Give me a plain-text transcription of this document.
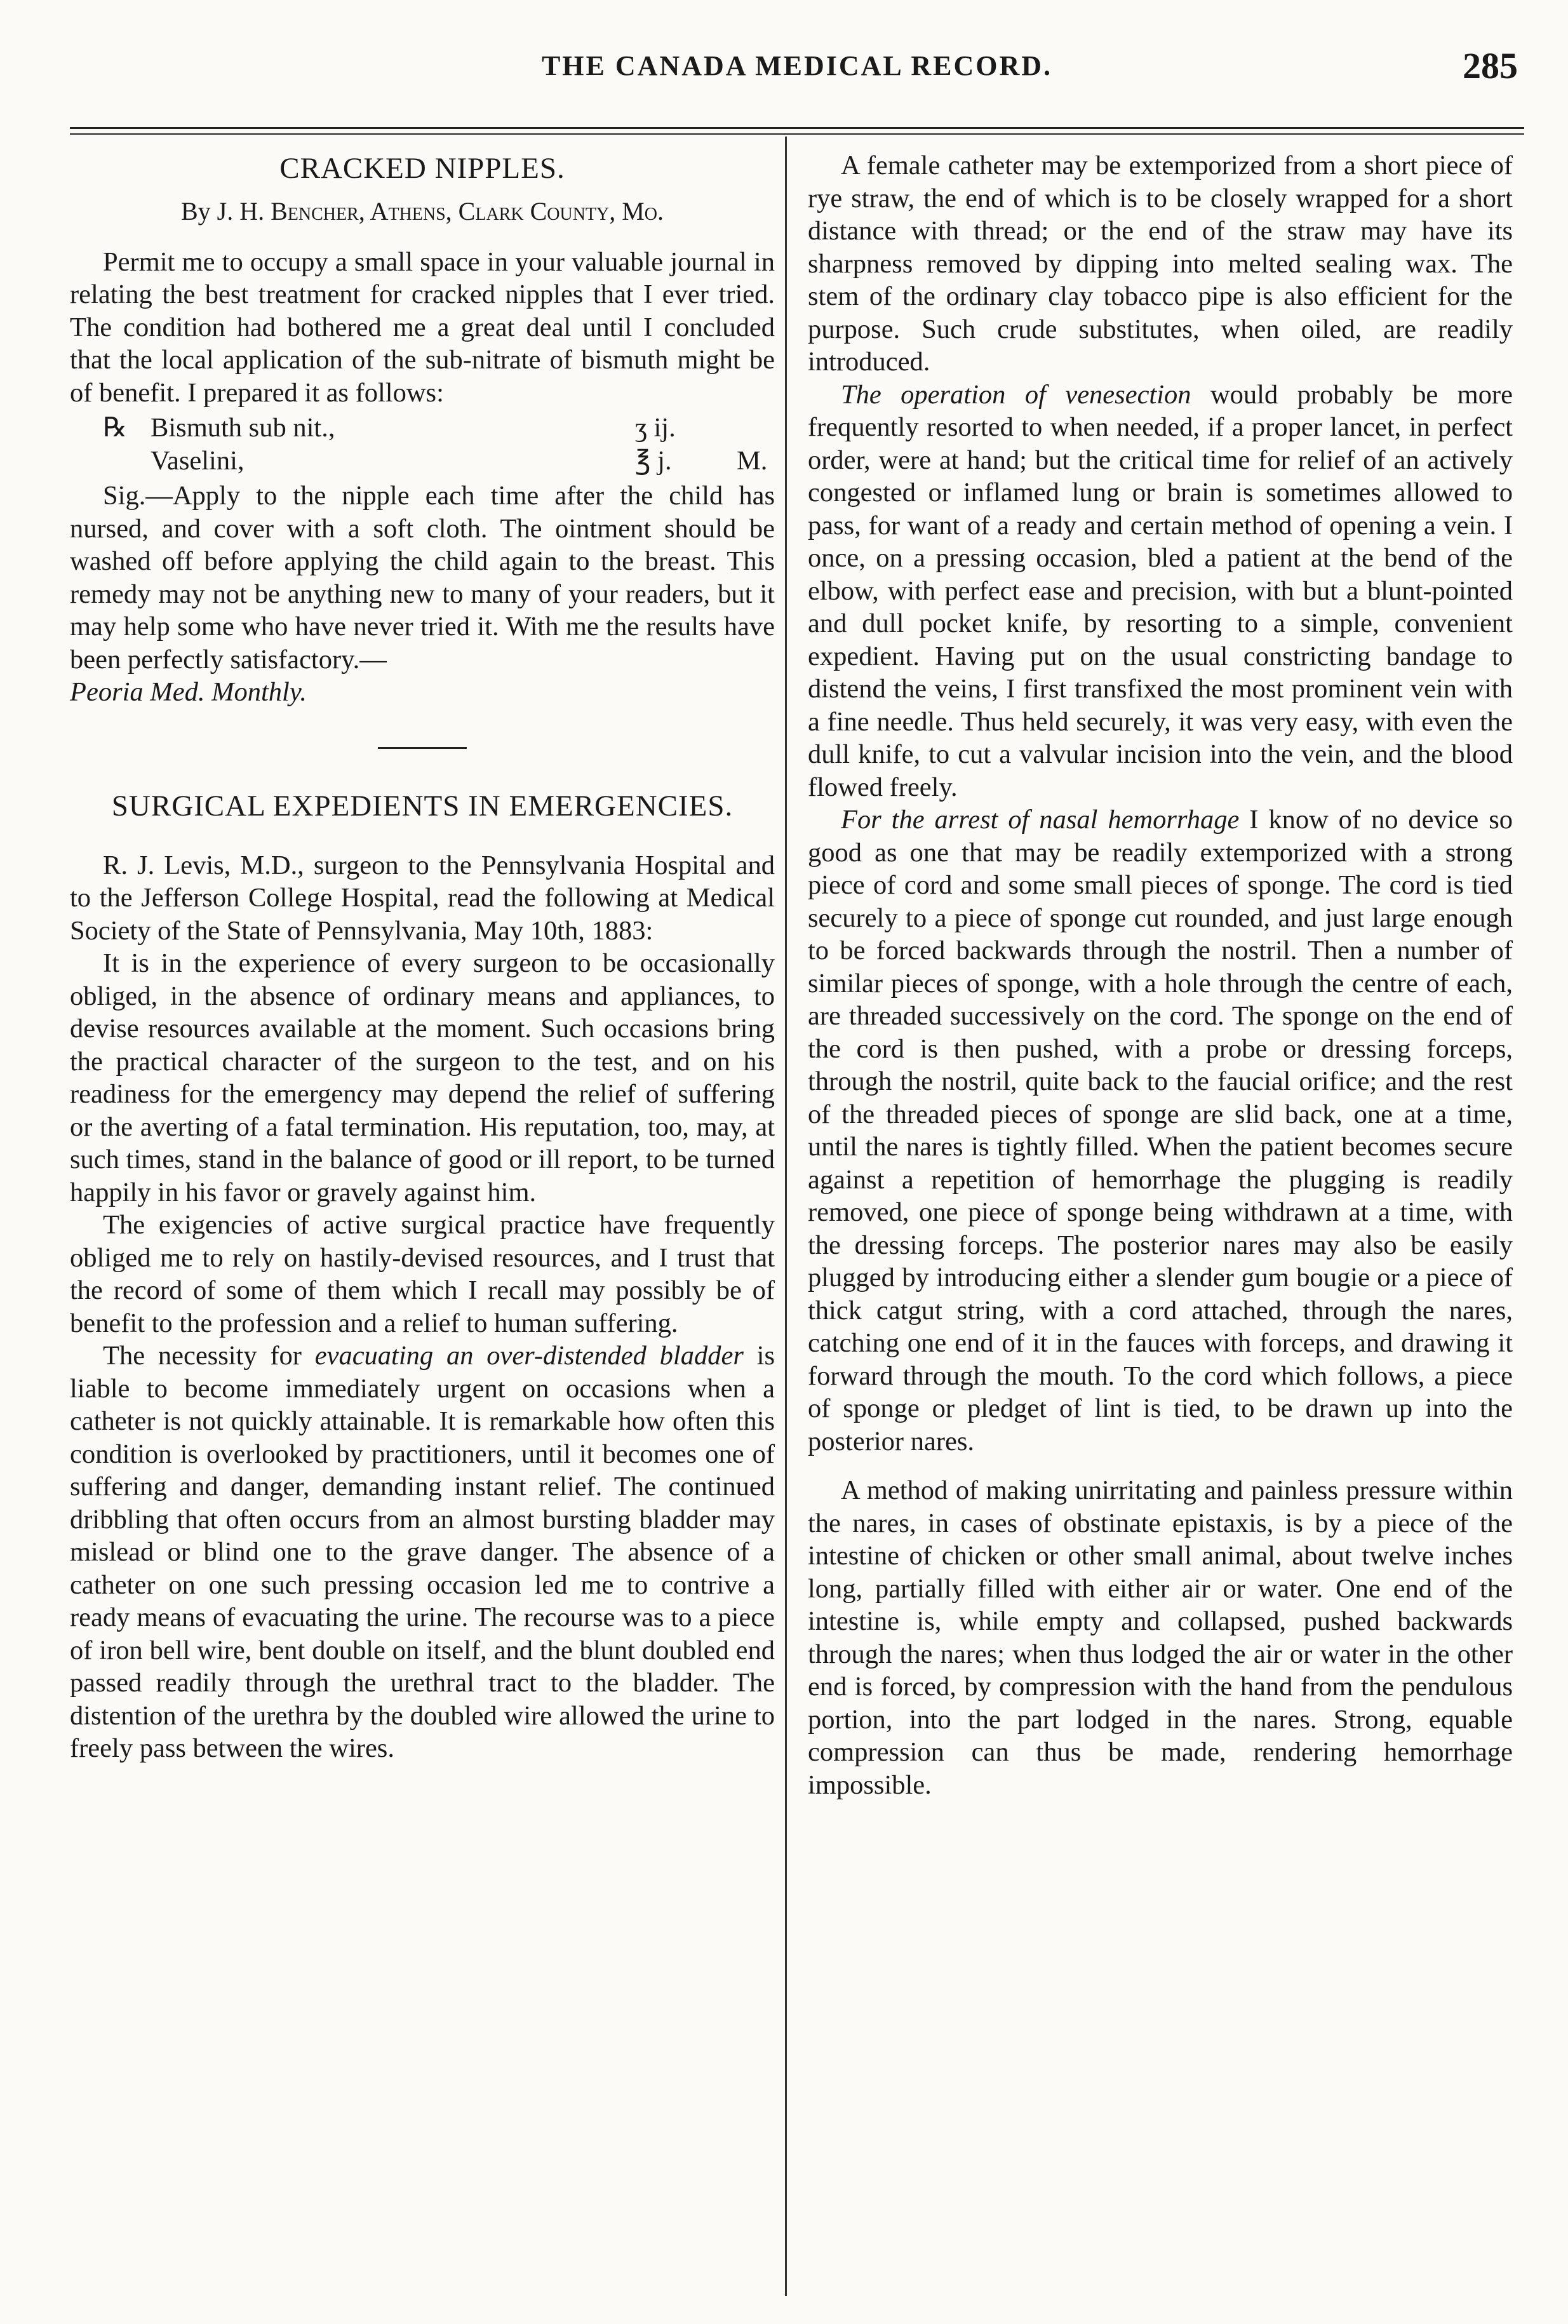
THE CANADA MEDICAL RECORD.	285
CRACKED NIPPLES.
By J. H. Bencher, Athens, Clark County, Mo.

Permit me to occupy a small space in your valuable journal in relating the best treatment for cracked nipples that I ever tried. The condition had bothered me a great deal until I concluded that the local application of the sub-nitrate of bismuth might be of benefit. I prepared it as follows:

℞ Bismuth sub nit.,	ʒ ij.
Vaselini,	℥ j.	M.

Sig.—Apply to the nipple each time after the child has nursed, and cover with a soft cloth. The ointment should be washed off before applying the child again to the breast. This remedy may not be anything new to many of your readers, but it may help some who have never tried it. With me the results have been perfectly satisfactory.—
Peoria Med. Monthly.

SURGICAL EXPEDIENTS IN EMERGENCIES.

R. J. Levis, M.D., surgeon to the Pennsylvania Hospital and to the Jefferson College Hospital, read the following at Medical Society of the State of Pennsylvania, May 10th, 1883:

It is in the experience of every surgeon to be occasionally obliged, in the absence of ordinary means and appliances, to devise resources available at the moment. Such occasions bring the practical character of the surgeon to the test, and on his readiness for the emergency may depend the relief of suffering or the averting of a fatal termination. His reputation, too, may, at such times, stand in the balance of good or ill report, to be turned happily in his favor or gravely against him.

The exigencies of active surgical practice have frequently obliged me to rely on hastily-devised resources, and I trust that the record of some of them which I recall may possibly be of benefit to the profession and a relief to human suffering.

The necessity for evacuating an over-distended bladder is liable to become immediately urgent on occasions when a catheter is not quickly attainable. It is remarkable how often this condition is overlooked by practitioners, until it becomes one of suffering and danger, demanding instant relief. The continued dribbling that often occurs from an almost bursting bladder may mislead or blind one to the grave danger. The absence of a catheter on one such pressing occasion led me to contrive a ready means of evacuating the urine. The recourse was to a piece of iron bell wire, bent double on itself, and the blunt doubled end passed readily through the urethral tract to the bladder. The distention of the urethra by the doubled wire allowed the urine to freely pass between the wires.

A female catheter may be extemporized from a short piece of rye straw, the end of which is to be closely wrapped for a short distance with thread; or the end of the straw may have its sharpness removed by dipping into melted sealing wax. The stem of the ordinary clay tobacco pipe is also efficient for the purpose. Such crude substitutes, when oiled, are readily introduced.

The operation of venesection would probably be more frequently resorted to when needed, if a proper lancet, in perfect order, were at hand; but the critical time for relief of an actively congested or inflamed lung or brain is sometimes allowed to pass, for want of a ready and certain method of opening a vein. I once, on a pressing occasion, bled a patient at the bend of the elbow, with perfect ease and precision, with but a blunt-pointed and dull pocket knife, by resorting to a simple, convenient expedient. Having put on the usual constricting bandage to distend the veins, I first transfixed the most prominent vein with a fine needle. Thus held securely, it was very easy, with even the dull knife, to cut a valvular incision into the vein, and the blood flowed freely.

For the arrest of nasal hemorrhage I know of no device so good as one that may be readily extemporized with a strong piece of cord and some small pieces of sponge. The cord is tied securely to a piece of sponge cut rounded, and just large enough to be forced backwards through the nostril. Then a number of similar pieces of sponge, with a hole through the centre of each, are threaded successively on the cord. The sponge on the end of the cord is then pushed, with a probe or dressing forceps, through the nostril, quite back to the faucial orifice; and the rest of the threaded pieces of sponge are slid back, one at a time, until the nares is tightly filled. When the patient becomes secure against a repetition of hemorrhage the plugging is readily removed, one piece of sponge being withdrawn at a time, with the dressing forceps. The posterior nares may also be easily plugged by introducing either a slender gum bougie or a piece of thick catgut string, with a cord attached, through the nares, catching one end of it in the fauces with forceps, and drawing it forward through the mouth. To the cord which follows, a piece of sponge or pledget of lint is tied, to be drawn up into the posterior nares.

A method of making unirritating and painless pressure within the nares, in cases of obstinate epistaxis, is by a piece of the intestine of chicken or other small animal, about twelve inches long, partially filled with either air or water. One end of the intestine is, while empty and collapsed, pushed backwards through the nares; when thus lodged the air or water in the other end is forced, by compression with the hand from the pendulous portion, into the part lodged in the nares. Strong, equable compression can thus be made, rendering hemorrhage impossible.
